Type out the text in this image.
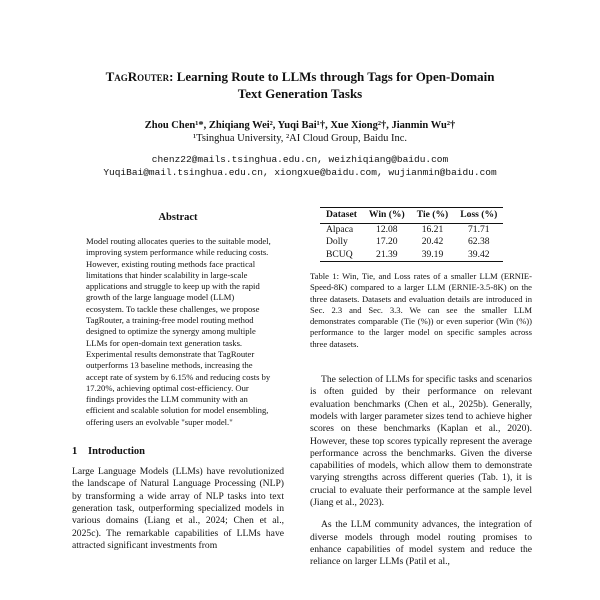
TagRouter: Learning Route to LLMs through Tags for Open-Domain
Text Generation Tasks
Zhou Chen¹*, Zhiqiang Wei², Yuqi Bai¹†, Xue Xiong²†, Jianmin Wu²†
¹Tsinghua University, ²AI Cloud Group, Baidu Inc.
chenz22@mails.tsinghua.edu.cn, weizhiqiang@baidu.com
YuqiBai@mail.tsinghua.edu.cn, xiongxue@baidu.com, wujianmin@baidu.com
Abstract
Model routing allocates queries to the suitable model, improving system performance while reducing costs. However, existing routing methods face practical limitations that hinder scalability in large-scale applications and struggle to keep up with the rapid growth of the large language model (LLM) ecosystem. To tackle these challenges, we propose TagRouter, a training-free model routing method designed to optimize the synergy among multiple LLMs for open-domain text generation tasks. Experimental results demonstrate that TagRouter outperforms 13 baseline methods, increasing the accept rate of system by 6.15% and reducing costs by 17.20%, achieving optimal cost-efficiency. Our findings provides the LLM community with an efficient and scalable solution for model ensembling, offering users an evolvable "super model."
1 Introduction
Large Language Models (LLMs) have revolutionized the landscape of Natural Language Processing (NLP) by transforming a wide array of NLP tasks into text generation task, outperforming specialized models in various domains (Liang et al., 2024; Chen et al., 2025c). The remarkable capabilities of LLMs have attracted significant investments from
Dataset	Win (%)	Tie (%)	Loss (%)
Alpaca	12.08	16.21	71.71
Dolly	17.20	20.42	62.38
BCUQ	21.39	39.19	39.42
Table 1: Win, Tie, and Loss rates of a smaller LLM (ERNIE-Speed-8K) compared to a larger LLM (ERNIE-3.5-8K) on the three datasets. Datasets and evaluation details are introduced in Sec. 2.3 and Sec. 3.3. We can see the smaller LLM demonstrates comparable (Tie (%)) or even superior (Win (%)) performance to the larger model on specific samples across three datasets.

The selection of LLMs for specific tasks and scenarios is often guided by their performance on relevant evaluation benchmarks (Chen et al., 2025b). Generally, models with larger parameter sizes tend to achieve higher scores on these benchmarks (Kaplan et al., 2020). However, these top scores typically represent the average performance across the benchmarks. Given the diverse capabilities of models, which allow them to demonstrate varying strengths across different queries (Tab. 1), it is crucial to evaluate their performance at the sample level (Jiang et al., 2023).

As the LLM community advances, the integration of diverse models through model routing promises to enhance capabilities of model system and reduce the reliance on larger LLMs (Patil et al.,
